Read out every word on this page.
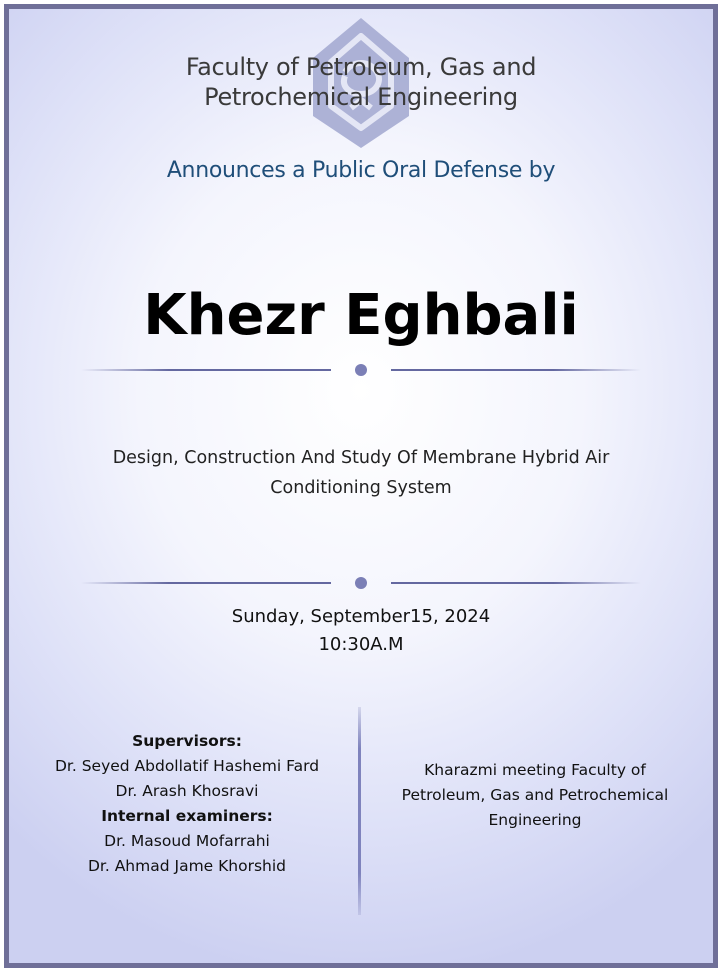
Faculty of Petroleum, Gas and
Petrochemical Engineering
Announces a Public Oral Defense by
Khezr Eghbali
Design, Construction And Study Of Membrane Hybrid Air
Conditioning System
Sunday, September15, 2024
10:30A.M
Supervisors:
Dr. Seyed Abdollatif Hashemi Fard
Dr. Arash Khosravi
Internal examiners:
Dr. Masoud Mofarrahi
Dr. Ahmad Jame Khorshid
Kharazmi meeting Faculty of
Petroleum, Gas and Petrochemical
Engineering
